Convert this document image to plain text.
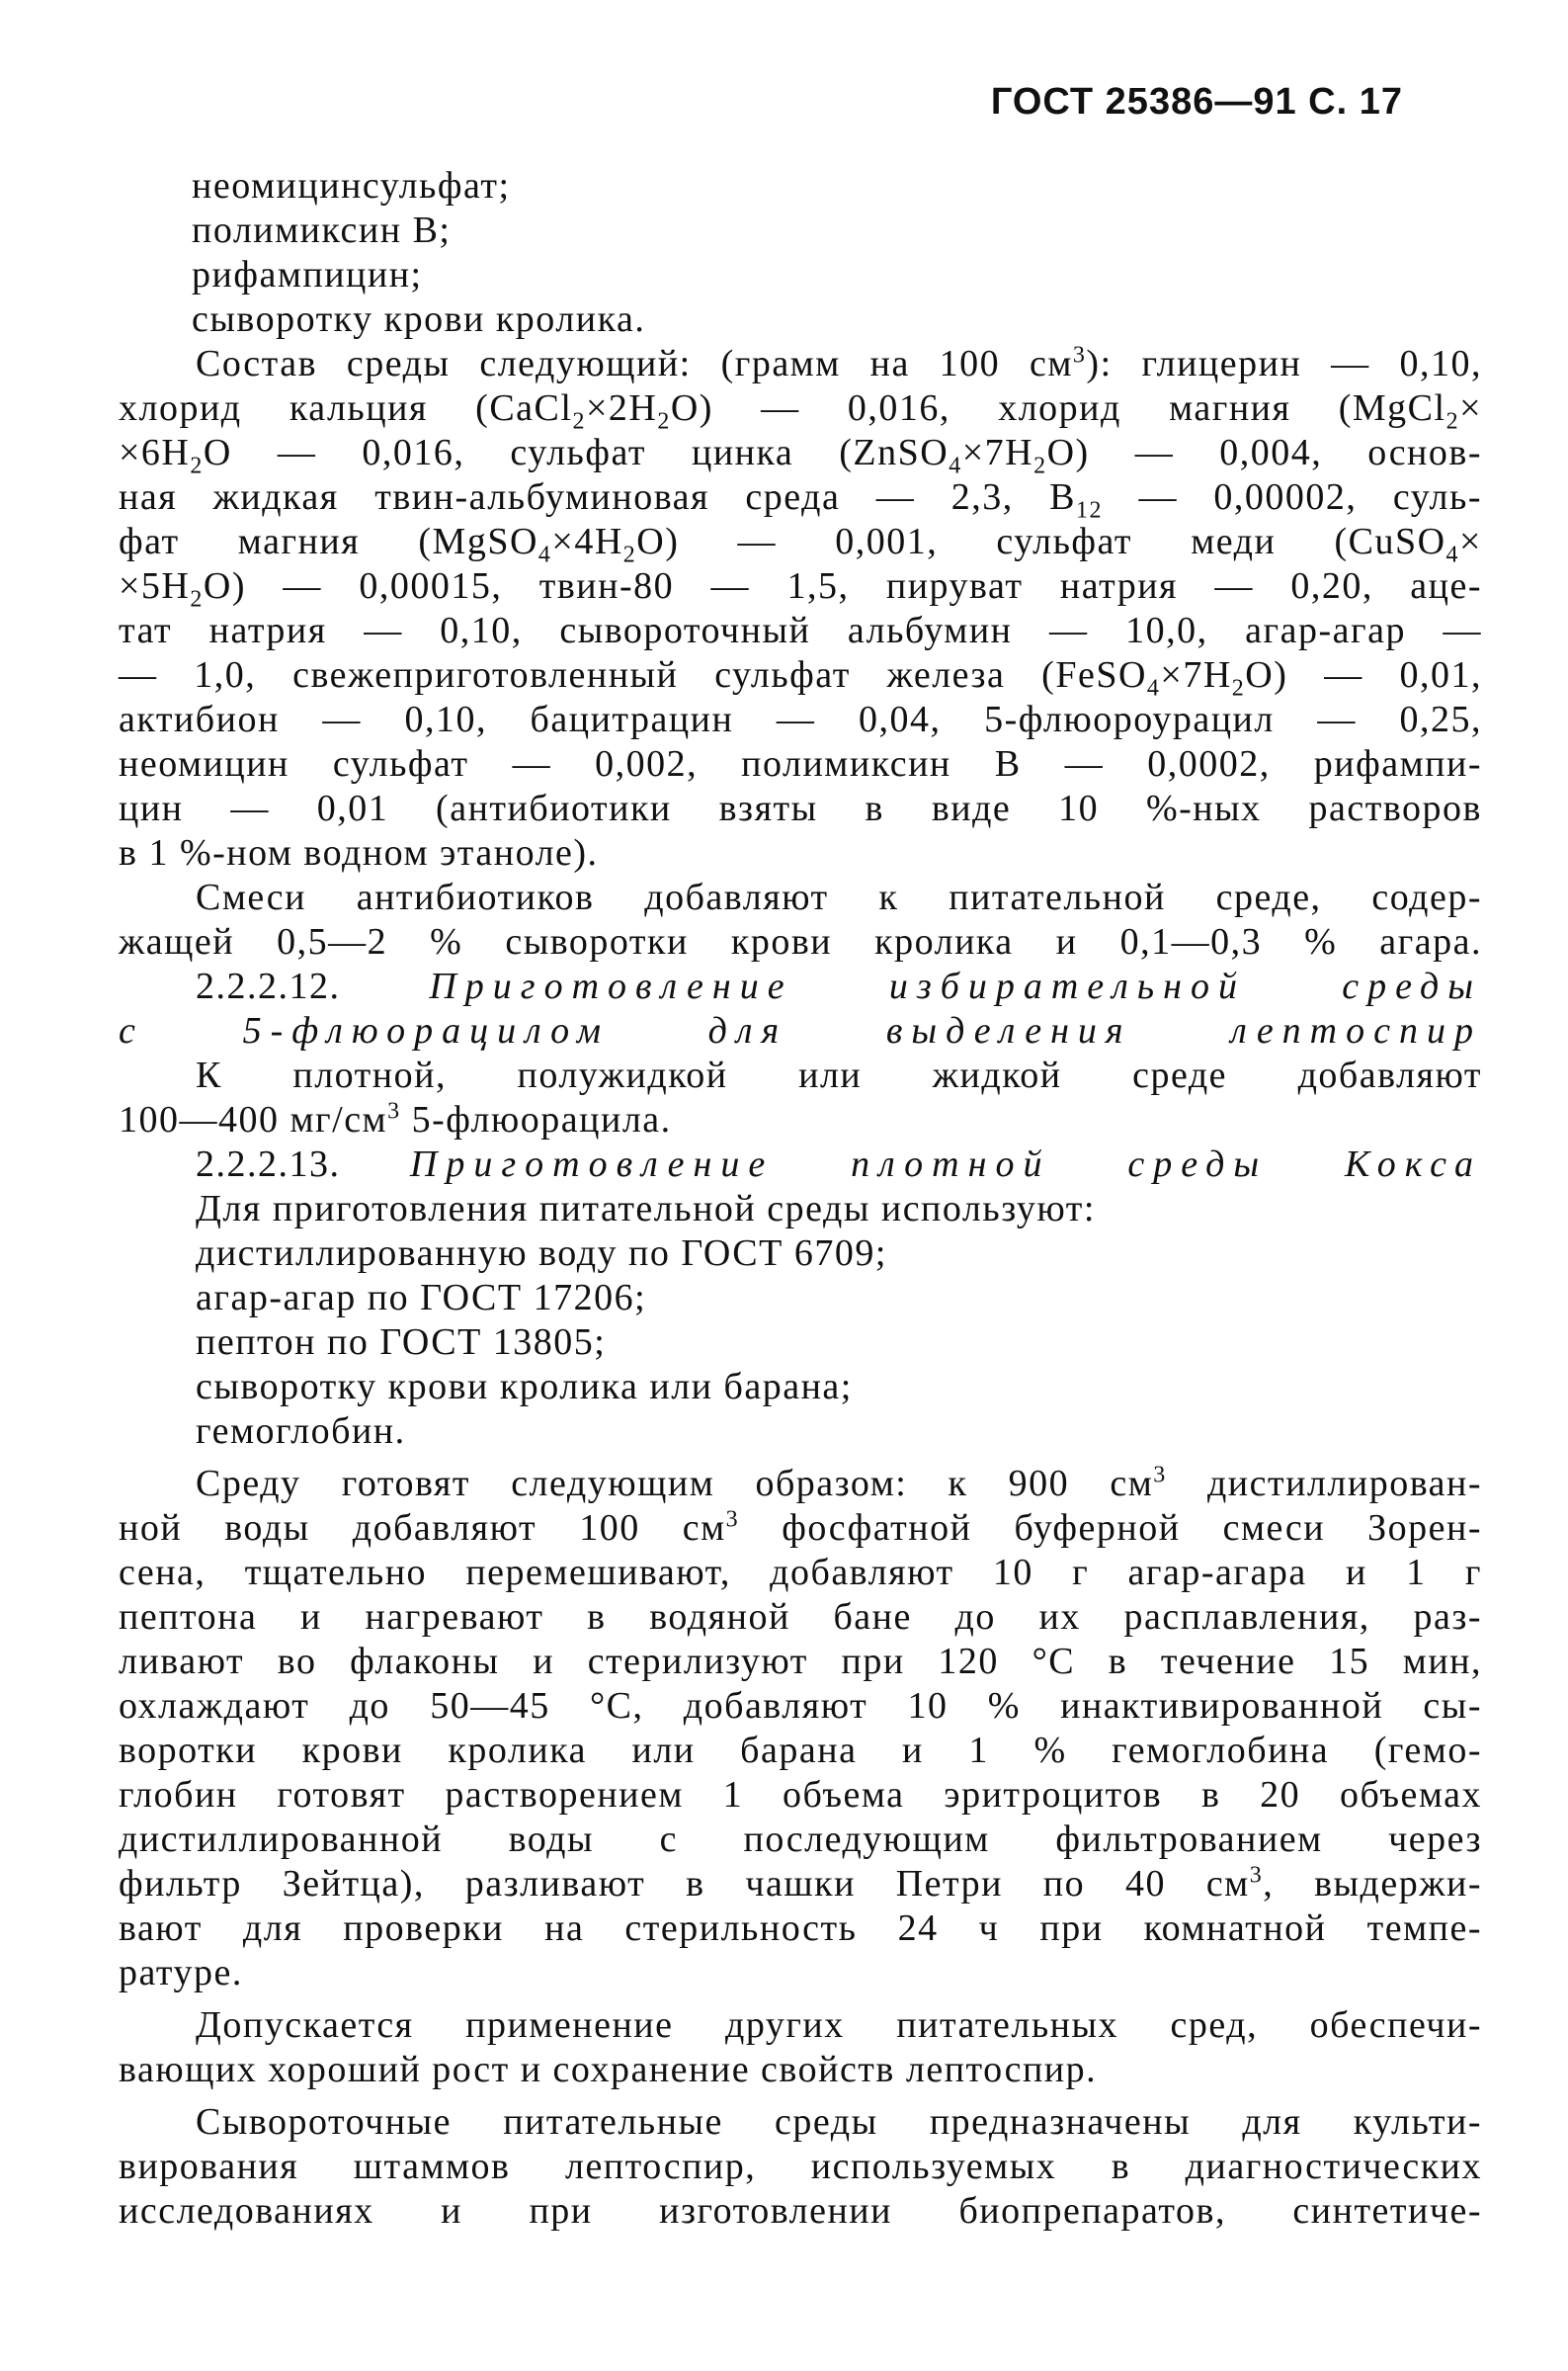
ГОСТ 25386—91 С. 17
неомицинсульфат;
полимиксин В;
рифампицин;
сыворотку крови кролика.
Состав среды следующий: (грамм на 100 $см^3$): глицерин — 0,10,
хлорид кальция $(CaCl_2\times 2H_2O)$ — 0,016, хлорид магния (MgCl$_2$×
$\times 6H_2O$ — 0,016, сульфат цинка $(ZnSO_4\times 7H_2O)$ — 0,004, основ-
ная жидкая твин-альбуминовая среда — 2,3, $B_{12}$ — 0,00002, суль-
фат магния $(MgSO_4\times 4H_2O)$ — 0,001, сульфат меди (CuSO$_4$×
$\times 5H_2O$) — 0,00015, твин-80 — 1,5, пируват натрия — 0,20, аце-
тат натрия — 0,10, сывороточный альбумин — 10,0, агар-агар —
— 1,0, свежеприготовленный сульфат железа $(FeSO_4\times 7H_2O)$ — 0,01,
актибион — 0,10, бацитрацин — 0,04, 5-флюороурацил — 0,25,
неомицин сульфат — 0,002, полимиксин В — 0,0002, рифампи-
цин — 0,01 (антибиотики взяты в виде 10 %-ных растворов
в 1 %-ном водном этаноле).
Смеси антибиотиков добавляют к питательной среде, содер-
жащей 0,5—2 % сыворотки крови кролика и 0,1—0,3 % агара.
2.2.2.12. Приготовление избирательной среды
с 5-флюорацилом для выделения лептоспир
К плотной, полужидкой или жидкой среде добавляют
100—400 $мг/см^3$ 5-флюорацила.
2.2.2.13. Приготовление плотной среды Кокса
Для приготовления питательной среды используют:
дистиллированную воду по ГОСТ 6709;
агар-агар по ГОСТ 17206;
пептон по ГОСТ 13805;
сыворотку крови кролика или барана;
гемоглобин.
Среду готовят следующим образом: к 900 $см^3$ дистиллирован-
ной воды добавляют 100 $см^3$ фосфатной буферной смеси Зорен-
сена, тщательно перемешивают, добавляют 10 г агар-агара и 1 г
пептона и нагревают в водяной бане до их расплавления, раз-
ливают во флаконы и стерилизуют при 120 °С в течение 15 мин,
охлаждают до 50—45 °С, добавляют 10 % инактивированной сы-
воротки крови кролика или барана и 1 % гемоглобина (гемо-
глобин готовят растворением 1 объема эритроцитов в 20 объемах
дистиллированной воды с последующим фильтрованием через
фильтр Зейтца), разливают в чашки Петри по 40 $см^3$, выдержи-
вают для проверки на стерильность 24 ч при комнатной темпе-
ратуре.
Допускается применение других питательных сред, обеспечи-
вающих хороший рост и сохранение свойств лептоспир.
Сывороточные питательные среды предназначены для культи-
вирования штаммов лептоспир, используемых в диагностических
исследованиях и при изготовлении биопрепаратов, синтетиче-
